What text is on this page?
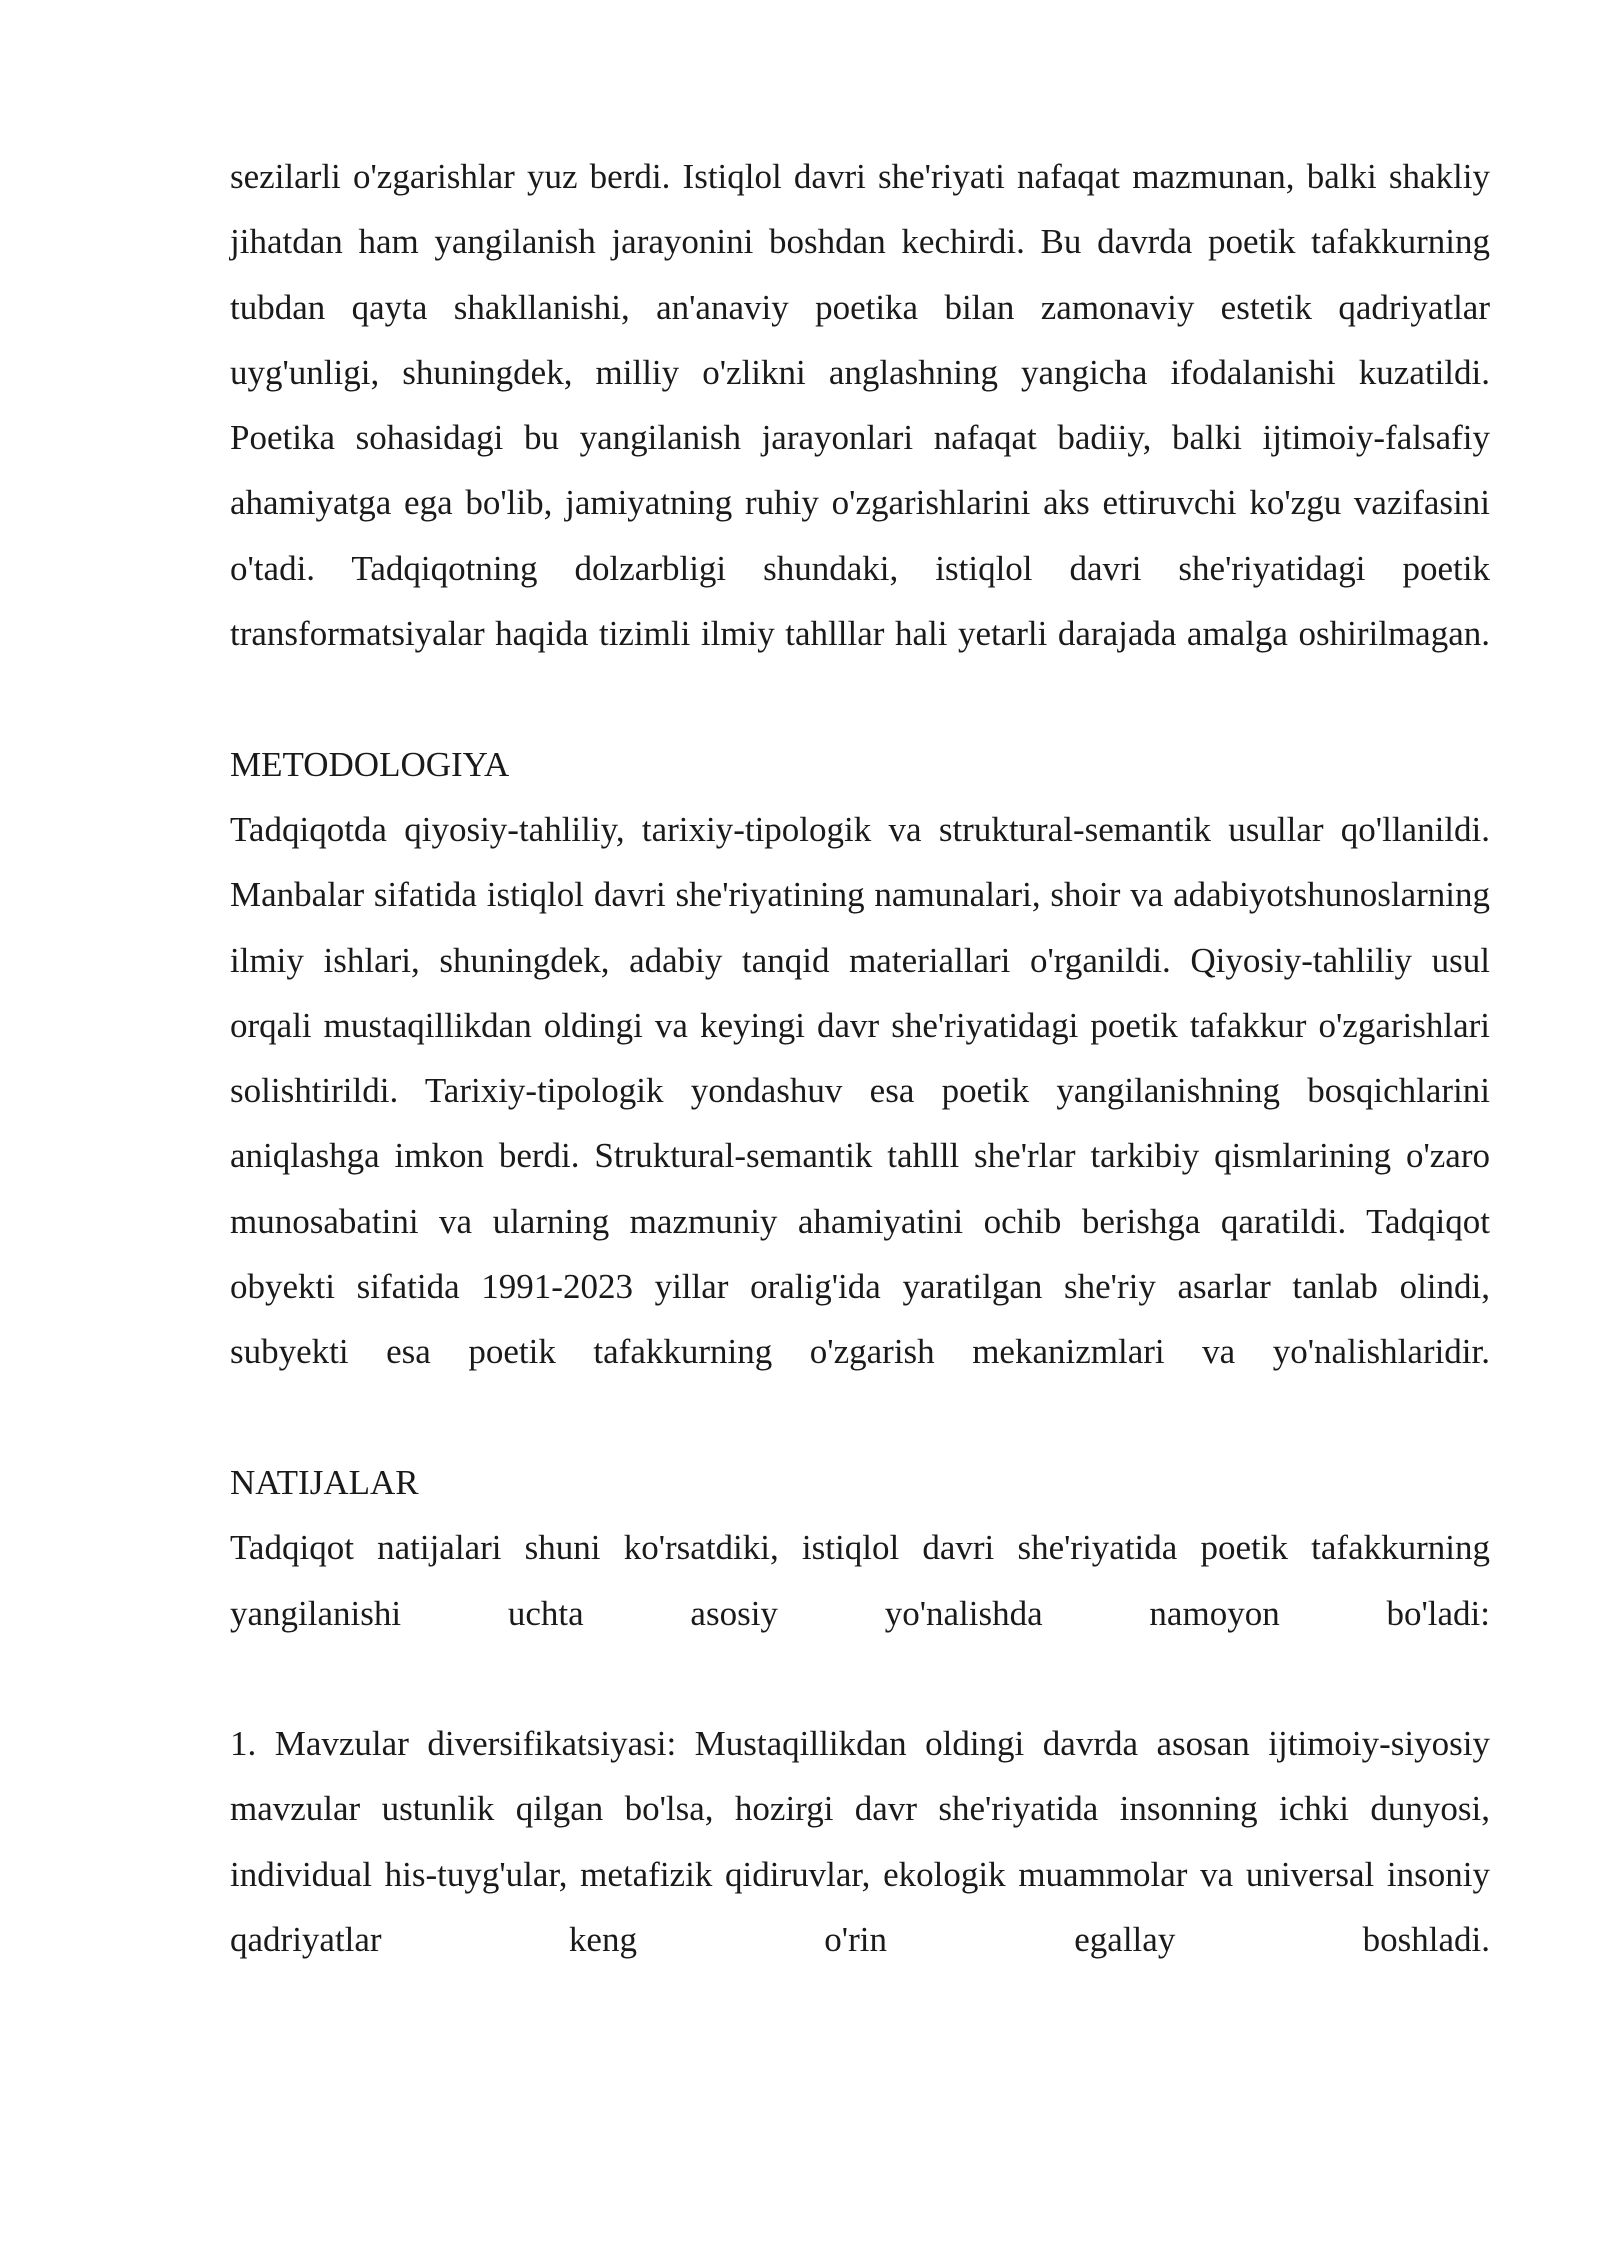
sezilarli o'zgarishlar yuz berdi. Istiqlol davri she'riyati nafaqat mazmunan, balki shakliy jihatdan ham yangilanish jarayonini boshdan kechirdi. Bu davrda poetik tafakkurning tubdan qayta shakllanishi, an'anaviy poetika bilan zamonaviy estetik qadriyatlar uyg'unligi, shuningdek, milliy o'zlikni anglashning yangicha ifodalanishi kuzatildi. Poetika sohasidagi bu yangilanish jarayonlari nafaqat badiiy, balki ijtimoiy-falsafiy ahamiyatga ega bo'lib, jamiyatning ruhiy o'zgarishlarini aks ettiruvchi ko'zgu vazifasini o'tadi. Tadqiqotning dolzarbligi shundaki, istiqlol davri she'riyatidagi poetik transformatsiyalar haqida tizimli ilmiy tahlllar hali yetarli darajada amalga oshirilmagan.

METODOLOGIYA

Tadqiqotda qiyosiy-tahliliy, tarixiy-tipologik va struktural-semantik usullar qo'llanildi. Manbalar sifatida istiqlol davri she'riyatining namunalari, shoir va adabiyotshunoslarning ilmiy ishlari, shuningdek, adabiy tanqid materiallari o'rganildi. Qiyosiy-tahliliy usul orqali mustaqillikdan oldingi va keyingi davr she'riyatidagi poetik tafakkur o'zgarishlari solishtirildi. Tarixiy-tipologik yondashuv esa poetik yangilanishning bosqichlarini aniqlashga imkon berdi. Struktural-semantik tahlll she'rlar tarkibiy qismlarining o'zaro munosabatini va ularning mazmuniy ahamiyatini ochib berishga qaratildi. Tadqiqot obyekti sifatida 1991-2023 yillar oralig'ida yaratilgan she'riy asarlar tanlab olindi, subyekti esa poetik tafakkurning o'zgarish mekanizmlari va yo'nalishlaridir.

NATIJALAR

Tadqiqot natijalari shuni ko'rsatdiki, istiqlol davri she'riyatida poetik tafakkurning yangilanishi uchta asosiy yo'nalishda namoyon bo'ladi:

1. Mavzular diversifikatsiyasi: Mustaqillikdan oldingi davrda asosan ijtimoiy-siyosiy mavzular ustunlik qilgan bo'lsa, hozirgi davr she'riyatida insonning ichki dunyosi, individual his-tuyg'ular, metafizik qidiruvlar, ekologik muammolar va universal insoniy qadriyatlar keng o'rin egallay boshladi.
